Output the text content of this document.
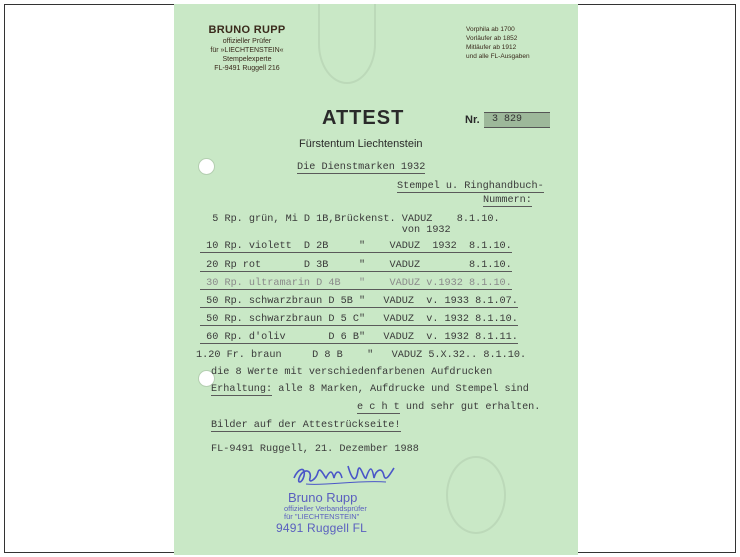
BRUNO RUPP
offizieller Prüfer
für »LIECHTENSTEIN«
Stempelexperte
FL-9491 Ruggell 216
Vorphila ab 1700
Vorläufer ab 1852
Mitläufer ab 1912
und alle FL-Ausgaben
ATTEST	Nr.	3 829
Fürstentum Liechtenstein
Die Dienstmarken 1932
Stempel u. Ringhandbuch-
Nummern:
5 Rp. grün, Mi D 1B,Brückenst. VADUZ    8.1.10.
von 1932
10 Rp. violett  D 2B     "    VADUZ  1932  8.1.10.
20 Rp rot       D 3B     "    VADUZ        8.1.10.
30 Rp. ultramarin D 4B   "    VADUZ v.1932 8.1.10.
50 Rp. schwarzbraun D 5B "   VADUZ  v. 1933 8.1.07.
50 Rp. schwarzbraun D 5 C"   VADUZ  v. 1932 8.1.10.
60 Rp. d'oliv       D 6 B"   VADUZ  v. 1932 8.1.11.
1.20 Fr. braun     D 8 B    "   VADUZ 5.X.32.. 8.1.10.
die 8 Werte mit verschiedenfarbenen Aufdrucken
Erhaltung: alle 8 Marken, Aufdrucke und Stempel sind
e c h t und sehr gut erhalten.
Bilder auf der Attestrückseite!
FL-9491 Ruggell, 21. Dezember 1988
Bruno Rupp
offizieller Verbandsprüfer
für "LIECHTENSTEIN"
9491 Ruggell FL
